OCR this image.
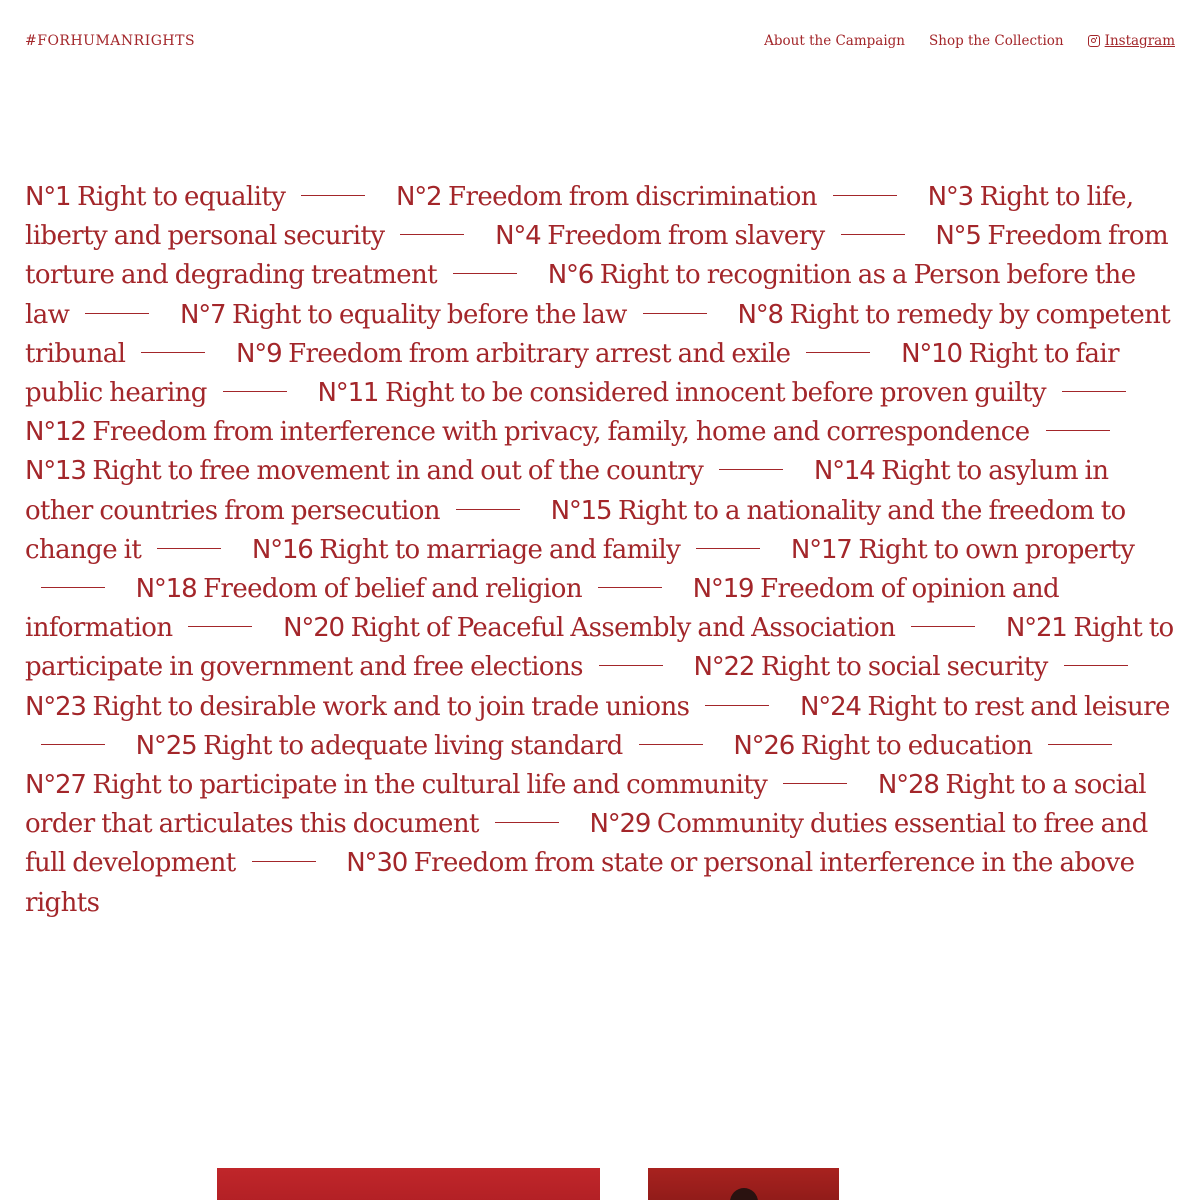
#FORHUMANRIGHTS	About the Campaign Shop the Collection	Instagram

N°1 Right to equality	N°2 Freedom from discrimination	N°3 Right to life, liberty and personal security	N°4 Freedom from slavery	N°5 Freedom from torture and degrading treatment	N°6 Right to recognition as a Person before the law	N°7 Right to equality before the law	N°8 Right to remedy by competent tribunal	N°9 Freedom from arbitrary arrest and exile	N°10 Right to fair public hearing	N°11 Right to be considered innocent before proven guilty N°12 Freedom from interference with privacy, family, home and correspondence N°13 Right to free movement in and out of the country	N°14 Right to asylum in other countries from persecution	N°15 Right to a nationality and the freedom to change it	N°16 Right to marriage and family	N°17 Right to own property N°18 Freedom of belief and religion	N°19 Freedom of opinion and information	N°20 Right of Peaceful Assembly and Association	N°21 Right to participate in government and free elections	N°22 Right to social security N°23 Right to desirable work and to join trade unions	N°24 Right to rest and leisure N°25 Right to adequate living standard	N°26 Right to education N°27 Right to participate in the cultural life and community	N°28 Right to a social order that articulates this document	N°29 Community duties essential to free and full development	N°30 Freedom from state or personal interference in the above rights
